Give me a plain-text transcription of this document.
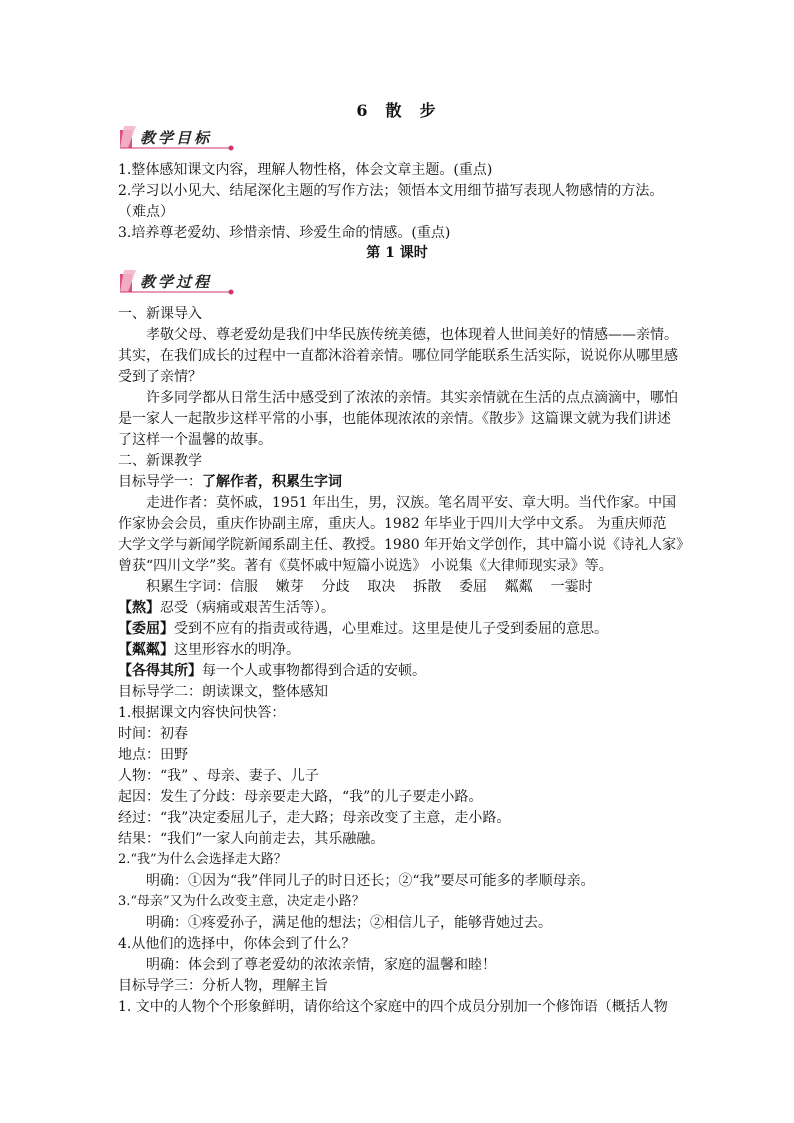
6 散 步
教学目标
1.整体感知课文内容，理解人物性格，体会文章主题。(重点)
2.学习以小见大、结尾深化主题的写作方法；领悟本文用细节描写表现人物感情的方法。
（难点）
3.培养尊老爱幼、珍惜亲情、珍爱生命的情感。(重点)
第 1 课时
教学过程
一、新课导入
孝敬父母、尊老爱幼是我们中华民族传统美德，也体现着人世间美好的情感——亲情。
其实，在我们成长的过程中一直都沐浴着亲情。哪位同学能联系生活实际，说说你从哪里感
受到了亲情？
许多同学都从日常生活中感受到了浓浓的亲情。其实亲情就在生活的点点滴滴中，哪怕
是一家人一起散步这样平常的小事，也能体现浓浓的亲情。《散步》这篇课文就为我们讲述
了这样一个温馨的故事。
二、新课教学
目标导学一：了解作者，积累生字词
走进作者：莫怀戚，1951 年出生，男，汉族。笔名周平安、章大明。当代作家。中国
作家协会会员，重庆作协副主席，重庆人。1982 年毕业于四川大学中文系。 为重庆师范
大学文学与新闻学院新闻系副主任、教授。1980 年开始文学创作，其中篇小说《诗礼人家》
曾获“四川文学”奖。著有《莫怀戚中短篇小说选》 小说集《大律师现实录》等。
积累生字词：信服    嫩芽    分歧    取决    拆散    委屈    粼粼    一霎时
【熬】忍受（病痛或艰苦生活等）。
【委屈】受到不应有的指责或待遇，心里难过。这里是使儿子受到委屈的意思。
【粼粼】这里形容水的明净。
【各得其所】每一个人或事物都得到合适的安顿。
目标导学二：朗读课文，整体感知
1.根据课文内容快问快答：
时间：初春
地点：田野
人物：“我” 、母亲、妻子、儿子
起因：发生了分歧：母亲要走大路，“我”的儿子要走小路。
经过：“我”决定委屈儿子，走大路；母亲改变了主意，走小路。
结果：“我们”一家人向前走去，其乐融融。
2.“我”为什么会选择走大路？
明确：①因为“我”伴同儿子的时日还长；②“我”要尽可能多的孝顺母亲。
3.“母亲”又为什么改变主意，决定走小路？
明确：①疼爱孙子，满足他的想法；②相信儿子，能够背她过去。
4.从他们的选择中，你体会到了什么？
明确：体会到了尊老爱幼的浓浓亲情，家庭的温馨和睦！
目标导学三：分析人物，理解主旨
1. 文中的人物个个形象鲜明，请你给这个家庭中的四个成员分别加一个修饰语（概括人物
